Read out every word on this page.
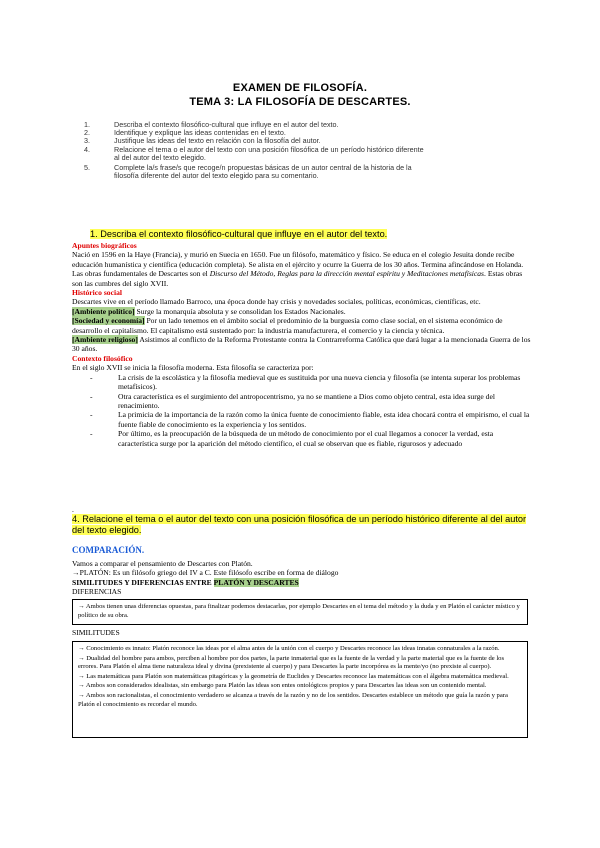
EXAMEN DE FILOSOFÍA.
TEMA 3: LA FILOSOFÍA DE DESCARTES.
1.	Describa el contexto filosófico-cultural que influye en el autor del texto.
2.	Identifique y explique las ideas contenidas en el texto.
3.	Justifique las ideas del texto en relación con la filosofía del autor.
4.	Relacione el tema o el autor del texto con una posición filosófica de un período histórico diferente al del autor del texto elegido.
5.	Complete la/s frase/s que recoge/n propuestas básicas de un autor central de la historia de la filosofía diferente del autor del texto elegido para su comentario.
1. Describa el contexto filosófico-cultural que influye en el autor del texto.
Apuntes biográficos
Nació en 1596 en la Haye (Francia), y murió en Suecia en 1650. Fue un filósofo, matemático y físico. Se educa en el colegio Jesuita donde recibe educación humanística y científica (educación completa). Se alista en el ejército y ocurre la Guerra de los 30 años. Termina afincándose en Holanda. Las obras fundamentales de Descartes son el Discurso del Método, Reglas para la dirección mental espíritu y Meditaciones metafísicas. Estas obras son las cumbres del siglo XVII.
Histórico social
Descartes vive en el período llamado Barroco, una época donde hay crisis y novedades sociales, políticas, económicas, científicas, etc.
[Ambiente político] Surge la monarquía absoluta y se consolidan los Estados Nacionales.
[Sociedad y economía] Por un lado tenemos en el ámbito social el predominio de la burguesía como clase social, en el sistema económico de desarrollo el capitalismo. El capitalismo está sustentado por: la industria manufacturera, el comercio y la ciencia y técnica.
[Ambiente religioso] Asistimos al conflicto de la Reforma Protestante contra la Contrarreforma Católica que dará lugar a la mencionada Guerra de los 30 años.
Contexto filosófico
En el siglo XVII se inicia la filosofía moderna. Esta filosofía se caracteriza por:
-	La crisis de la escolástica y la filosofía medieval que es sustituida por una nueva ciencia y filosofía (se intenta superar los problemas metafísicos).
-	Otra característica es el surgimiento del antropocentrismo, ya no se mantiene a Dios como objeto central, esta idea surge del renacimiento.
-	La primicia de la importancia de la razón como la única fuente de conocimiento fiable, esta idea chocará contra el empirismo, el cual la fuente fiable de conocimiento es la experiencia y los sentidos.
-	Por último, es la preocupación de la búsqueda de un método de conocimiento por el cual llegamos a conocer la verdad, esta característica surge por la aparición del método científico, el cual se observan que es fiable, rigurosos y adecuado
.
4. Relacione el tema o el autor del texto con una posición filosófica de un período histórico diferente al del autor del texto elegido.
COMPARACIÓN.
Vamos a comparar el pensamiento de Descartes con Platón.
→PLATÓN: Es un filósofo griego del IV a C. Este filósofo escribe en forma de diálogo
SIMILITUDES Y DIFERENCIAS ENTRE PLATÓN Y DESCARTES
DIFERENCIAS
→ Ambos tienen unas diferencias opuestas, para finalizar podemos destacarlas, por ejemplo Descartes en el tema del método y la duda y en Platón el carácter místico y político de su obra.
SIMILITUDES
→ Conocimiento es innato: Platón reconoce las ideas por el alma antes de la unión con el cuerpo y Descartes reconoce las ideas innatas connaturales a la razón.
→ Dualidad del hombre para ambos, perciben al hombre por dos partes, la parte inmaterial que es la fuente de la verdad y la parte material que es la fuente de los errores. Para Platón el alma tiene naturaleza ideal y divina (prexistente al cuerpo) y para Descartes la parte incorpórea es la mente/yo (no prexiste al cuerpo).
→ Las matemáticas para Platón son matemáticas pitagóricas y la geometría de Euclides y Descartes reconoce las matemáticas con el álgebra matemática medieval.
→ Ambos son considerados idealistas, sin embargo para Platón las ideas son entes ontológicos propios y para Descartes las ideas son un contenido mental.
→ Ambos son racionalistas, el conocimiento verdadero se alcanza a través de la razón y no de los sentidos. Descartes establece un método que guía la razón y para Platón el conocimiento es recordar el mundo.
